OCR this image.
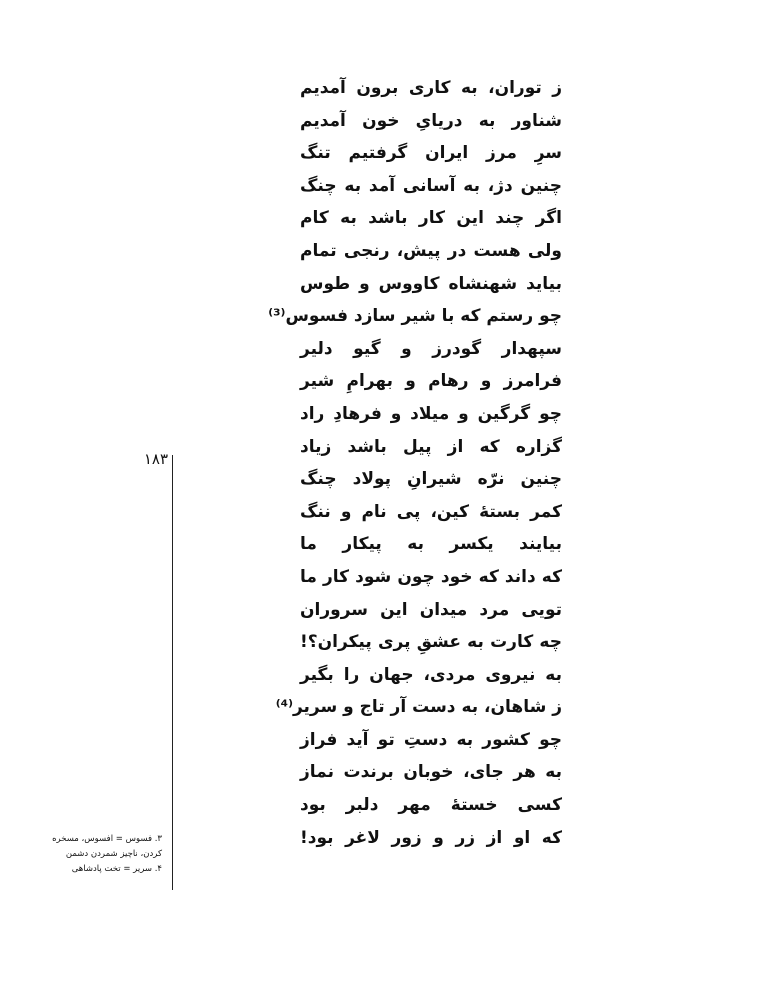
ز توران، به کاری برون آمدیم
شناور به دریایِ خون آمدیم
سرِ مرز ایران گرفتیم تنگ
چنین دژ، به آسانی آمد به چنگ
اگر چند این کار باشد به کام
ولی هست در پیش، رنجی تمام
بیاید شهنشاه کاووس و طوس
چو رستم که با شیر سازد فسوس⁽³⁾
سپهدار گودرز و گیو دلیر
فرامرز و رهام و بهرامِ شیر
چو گرگین و میلاد و فرهادِ راد
گزاره که از پیل باشد زیاد
چنین نرّه شیرانِ پولاد چنگ
کمر بستهٔ کین، پی نام و ننگ
بیایند یکسر به پیکار ما
که داند که خود چون شود کار ما
تویی مرد میدان این سروران
چه کارت به عشقِ پری پیکران؟!
به نیروی مردی، جهان را بگیر
ز شاهان، به دست آر تاج و سریر⁽⁴⁾
چو کشور به دستِ تو آید فراز
به هر جای، خوبان برندت نماز
کسی خستهٔ مهر دلبر بود
که او از زر و زور لاغر بود!
۱۸۳
۳. فسوس = افسوس، مسخره
کردن، ناچیز شمردن دشمن
۴. سریر = تخت پادشاهی
